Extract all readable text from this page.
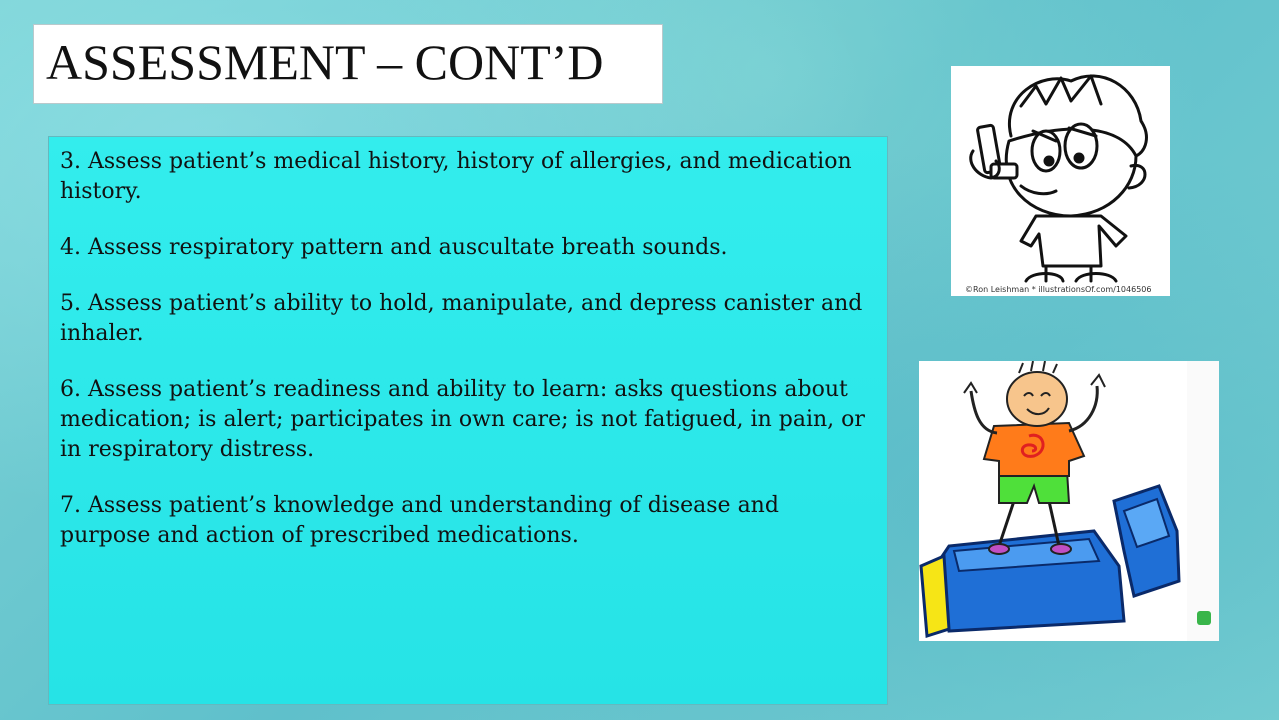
ASSESSMENT – CONT’D

3. Assess patient’s medical history, history of allergies, and medication history.

4. Assess respiratory pattern and auscultate breath sounds.

5. Assess patient’s ability to hold, manipulate, and depress canister and inhaler.

6. Assess patient’s readiness and ability to learn: asks questions about medication; is alert; participates in own care; is not fatigued, in pain, or in respiratory distress.

7. Assess patient’s knowledge and understanding of disease and purpose and action of prescribed medications.

©Ron Leishman * illustrationsOf.com/1046506
